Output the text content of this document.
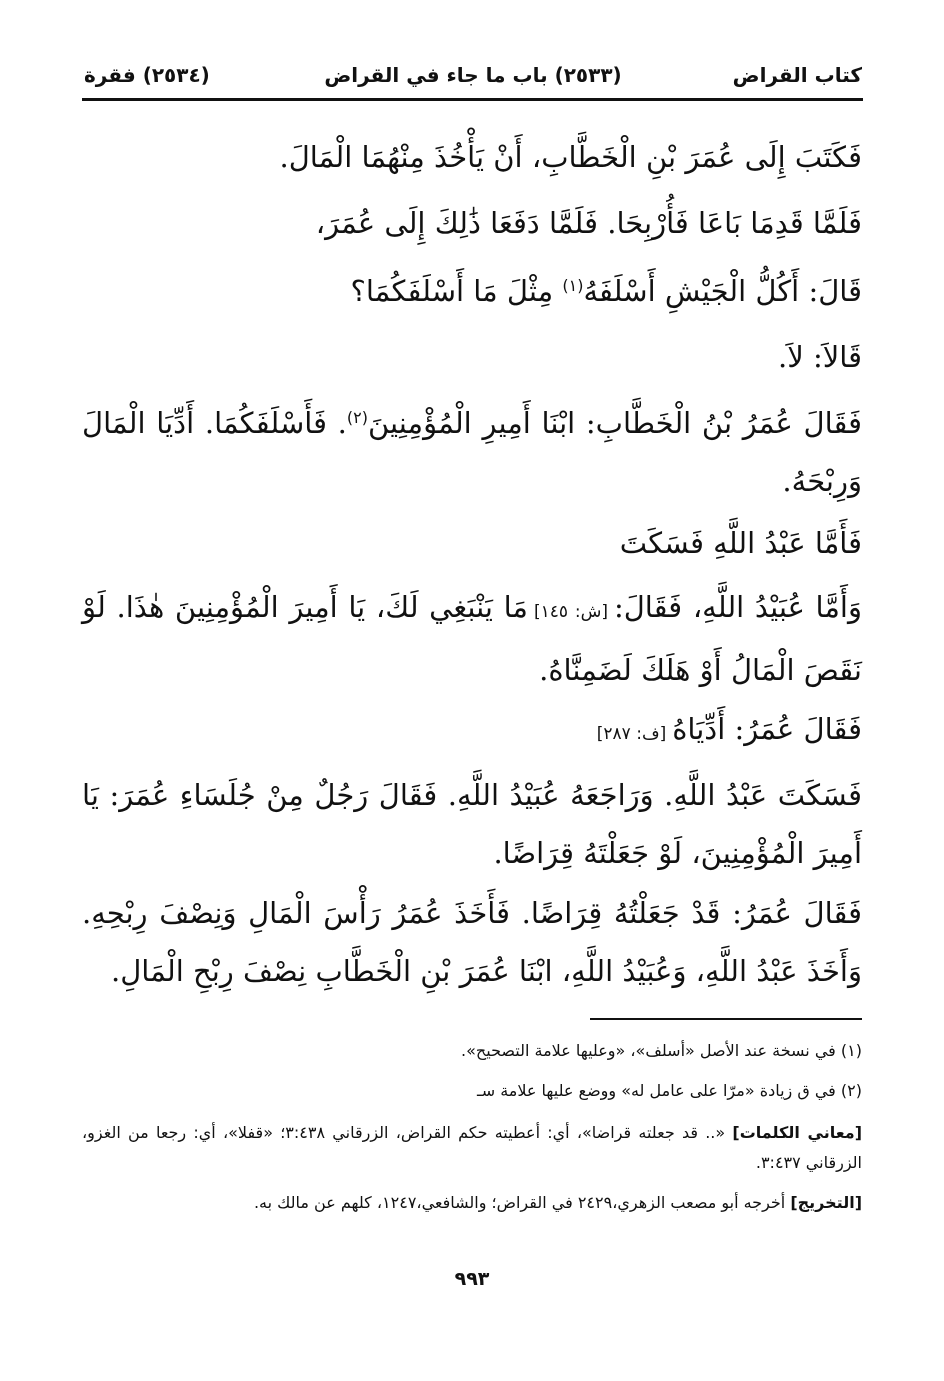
كتاب القراض
(٢٥٣٣) باب ما جاء في القراض
(٢٥٣٤) فقرة
فَكَتَبَ إِلَى عُمَرَ بْنِ الْخَطَّابِ، أَنْ يَأْخُذَ مِنْهُمَا الْمَالَ.
فَلَمَّا قَدِمَا بَاعَا فَأُرْبِحَا. فَلَمَّا دَفَعَا ذَٰلِكَ إِلَى عُمَرَ،
قَالَ: أَكُلُّ الْجَيْشِ أَسْلَفَهُ$^{(١)}$ مِثْلَ مَا أَسْلَفَكُمَا؟
قَالاَ: لاَ.
فَقَالَ عُمَرُ بْنُ الْخَطَّابِ: ابْنَا أَمِيرِ الْمُؤْمِنِينَ$^{(٢)}$. فَأَسْلَفَكُمَا. أَدِّيَا الْمَالَ وَرِبْحَهُ.
فَأَمَّا عَبْدُ اللَّهِ فَسَكَتَ
وَأَمَّا عُبَيْدُ اللَّهِ، فَقَالَ:[ش: ١٤٥]مَا يَنْبَغِي لَكَ، يَا أَمِيرَ الْمُؤْمِنِينَ هٰذَا. لَوْ نَقَصَ الْمَالُ أَوْ هَلَكَ لَضَمِنَّاهُ.
فَقَالَ عُمَرُ: أَدِّيَاهُ[ف: ٢٨٧]
فَسَكَتَ عَبْدُ اللَّهِ. وَرَاجَعَهُ عُبَيْدُ اللَّهِ. فَقَالَ رَجُلٌ مِنْ جُلَسَاءِ عُمَرَ: يَا أَمِيرَ الْمُؤْمِنِينَ، لَوْ جَعَلْتَهُ قِرَاضًا.
فَقَالَ عُمَرُ: قَدْ جَعَلْتُهُ قِرَاضًا. فَأَخَذَ عُمَرُ رَأْسَ الْمَالِ وَنِصْفَ رِبْحِهِ. وَأَخَذَ عَبْدُ اللَّهِ، وَعُبَيْدُ اللَّهِ، ابْنَا عُمَرَ بْنِ الْخَطَّابِ نِصْفَ رِبْحِ الْمَالِ.
(١) في نسخة عند الأصل «أسلف»، «وعليها علامة التصحيح».
(٢) في ق زيادة «مرّا على عامل له» ووضع عليها علامة سـ
[معاني الكلمات] «.. قد جعلته قراضا»، أي: أعطيته حكم القراض، الزرقاني ٣:٤٣٨؛ «قفلا»، أي: رجعا من الغزو، الزرقاني ٣:٤٣٧.
[التخريج] أخرجه أبو مصعب الزهري،٢٤٢٩ في القراض؛ والشافعي،١٢٤٧، كلهم عن مالك به.
٩٩٣
